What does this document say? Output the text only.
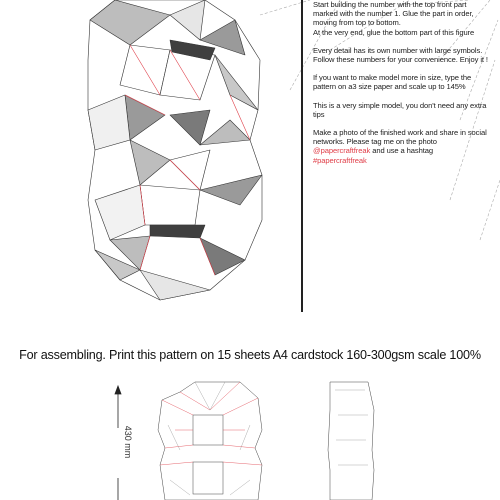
Start building the number with the top front part marked with the number 1. Glue the part in order, moving from top to bottom.
At the very end, glue the bottom part of this figure

Every detail has its own number with large symbols. Follow these numbers for your convenience. Enjoy it !

If you want to make model more in size, type the pattern on a3 size paper and scale up to 145%

This is a very simple model, you don't need any extra tips

Make a photo of the finished work and share in social networks. Please tag me on the photo @papercraftfreak and use a hashtag
#papercraftfreak

For assembling. Print this pattern on 15 sheets A4 cardstock 160-300gsm scale 100%
430 mm
